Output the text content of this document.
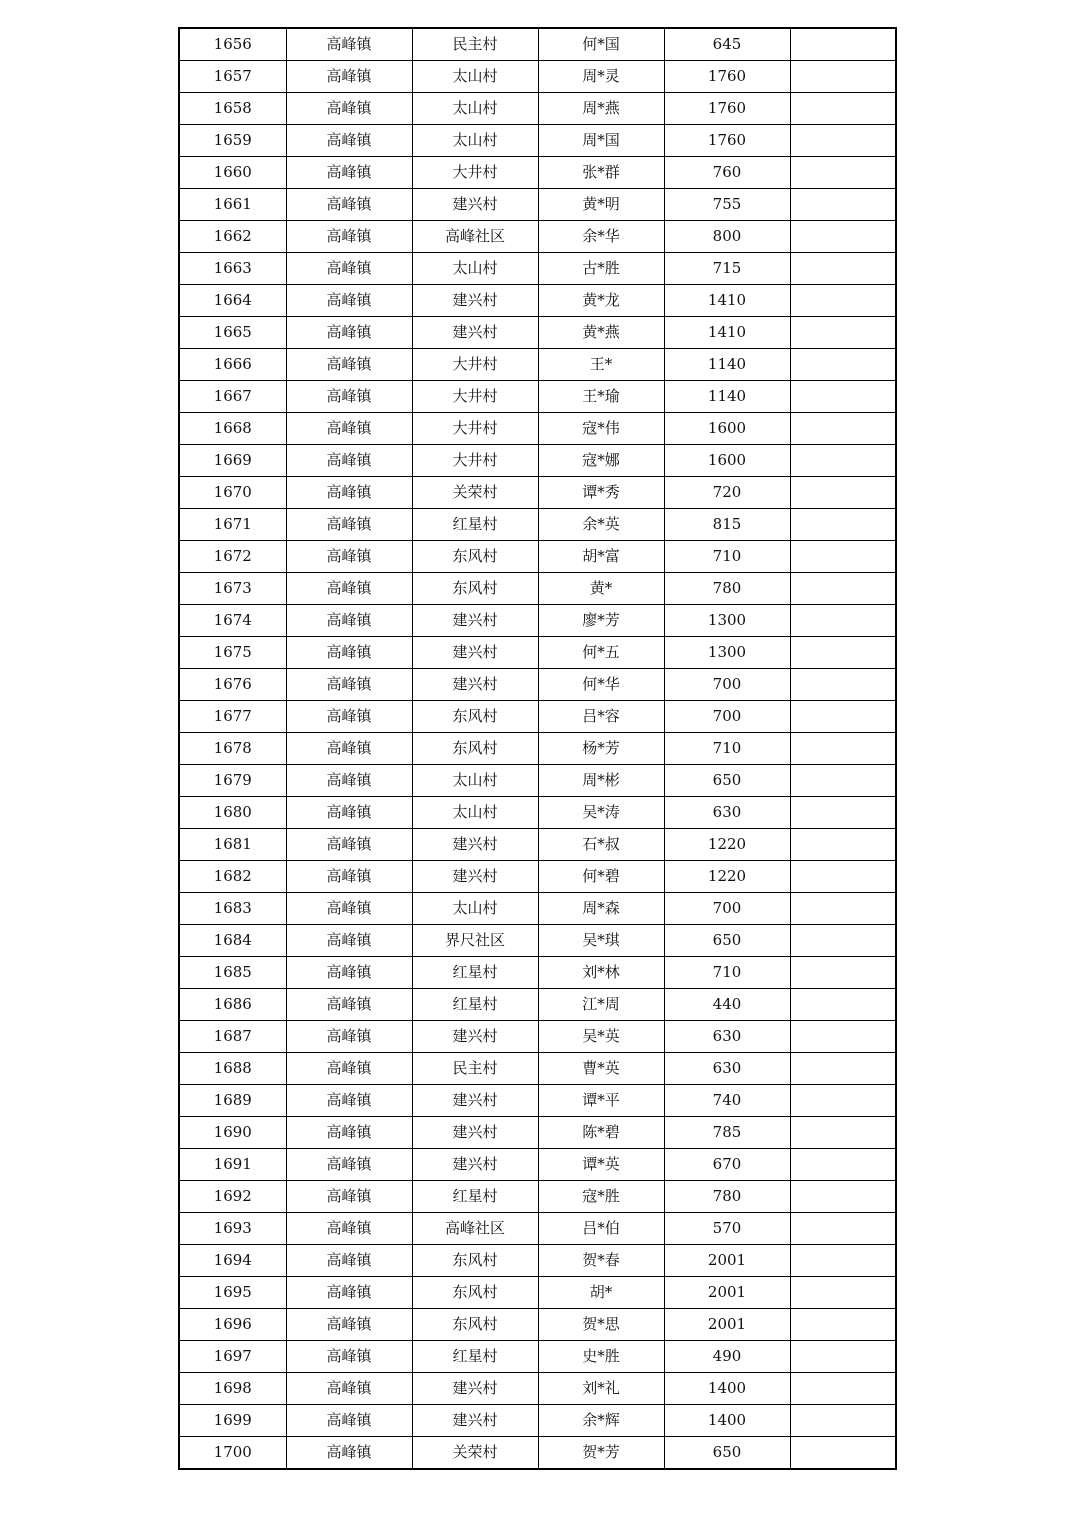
1656	高峰镇	民主村	何*国	645	
1657	高峰镇	太山村	周*灵	1760	
1658	高峰镇	太山村	周*燕	1760	
1659	高峰镇	太山村	周*国	1760	
1660	高峰镇	大井村	张*群	760	
1661	高峰镇	建兴村	黄*明	755	
1662	高峰镇	高峰社区	余*华	800	
1663	高峰镇	太山村	古*胜	715	
1664	高峰镇	建兴村	黄*龙	1410	
1665	高峰镇	建兴村	黄*燕	1410	
1666	高峰镇	大井村	王*	1140	
1667	高峰镇	大井村	王*瑜	1140	
1668	高峰镇	大井村	寇*伟	1600	
1669	高峰镇	大井村	寇*娜	1600	
1670	高峰镇	关荣村	谭*秀	720	
1671	高峰镇	红星村	余*英	815	
1672	高峰镇	东风村	胡*富	710	
1673	高峰镇	东风村	黄*	780	
1674	高峰镇	建兴村	廖*芳	1300	
1675	高峰镇	建兴村	何*五	1300	
1676	高峰镇	建兴村	何*华	700	
1677	高峰镇	东风村	吕*容	700	
1678	高峰镇	东风村	杨*芳	710	
1679	高峰镇	太山村	周*彬	650	
1680	高峰镇	太山村	吴*涛	630	
1681	高峰镇	建兴村	石*叔	1220	
1682	高峰镇	建兴村	何*碧	1220	
1683	高峰镇	太山村	周*森	700	
1684	高峰镇	界尺社区	吴*琪	650	
1685	高峰镇	红星村	刘*林	710	
1686	高峰镇	红星村	江*周	440	
1687	高峰镇	建兴村	吴*英	630	
1688	高峰镇	民主村	曹*英	630	
1689	高峰镇	建兴村	谭*平	740	
1690	高峰镇	建兴村	陈*碧	785	
1691	高峰镇	建兴村	谭*英	670	
1692	高峰镇	红星村	寇*胜	780	
1693	高峰镇	高峰社区	吕*伯	570	
1694	高峰镇	东风村	贺*春	2001	
1695	高峰镇	东风村	胡*	2001	
1696	高峰镇	东风村	贺*思	2001	
1697	高峰镇	红星村	史*胜	490	
1698	高峰镇	建兴村	刘*礼	1400	
1699	高峰镇	建兴村	余*辉	1400	
1700	高峰镇	关荣村	贺*芳	650	
